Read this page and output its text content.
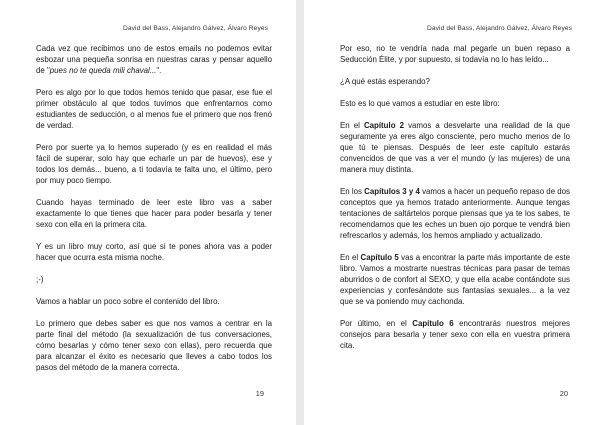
David del Bass, Alejandro Gálvez, Álvaro Reyes

Cada vez que recibimos uno de estos emails no podemos evitar esbozar una pequeña sonrisa en nuestras caras y pensar aquello de "pues no te queda mili chaval...".

Pero es algo por lo que todos hemos tenido que pasar, ese fue el primer obstáculo al que todos tuvimos que enfrentarnos como estudiantes de seducción, o al menos fue el primero que nos frenó de verdad.

Pero por suerte ya lo hemos superado (y es en realidad el más fácil de superar, solo hay que echarle un par de huevos), ese y todos los demás... bueno, a ti todavía te falta uno, el último, pero por muy poco tiempo.

Cuando hayas terminado de leer este libro vas a saber exactamente lo que tienes que hacer para poder besarla y tener sexo con ella en la primera cita.

Y es un libro muy corto, así que si te pones ahora vas a poder hacer que ocurra esta misma noche.

;-)

Vamos a hablar un poco sobre el contenido del libro.

Lo primero que debes saber es que nos vamos a centrar en la parte final del método (la sexualización de tus conversaciones, cómo besarlas y cómo tener sexo con ellas), pero recuerda que para alcanzar el éxito es necesario que lleves a cabo todos los pasos del método de la manera correcta.

19
David del Bass, Alejandro Gálvez, Álvaro Reyes

Por eso, no te vendría nada mal pegarle un buen repaso a Seducción Élite, y por supuesto, si todavía no lo has leído...

¿A qué estás esperando?

Esto es lo que vamos a estudiar en este libro:

En el Capítulo 2 vamos a desvelarte una realidad de la que seguramente ya eres algo consciente, pero mucho menos de lo que tú te piensas. Después de leer este capítulo estarás convencidos de que vas a ver el mundo (y las mujeres) de una manera muy distinta.

En los Capítulos 3 y 4 vamos a hacer un pequeño repaso de dos conceptos que ya hemos tratado anteriormente. Aunque tengas tentaciones de saltártelos porque piensas que ya te los sabes, te recomendamos que les eches un buen ojo porque te vendrá bien refrescarlos y además, los hemos ampliado y actualizado.

En el Capítulo 5 vas a encontrar la parte más importante de este libro. Vamos a mostrarte nuestras técnicas para pasar de temas aburridos o de confort al SEXO, y que ella acabe contándote sus experiencias y confesándote sus fantasías sexuales... a la vez que se va poniendo muy cachonda.

Por último, en el Capítulo 6 encontrarás nuestros mejores consejos para besarla y tener sexo con ella en vuestra primera cita.

20
